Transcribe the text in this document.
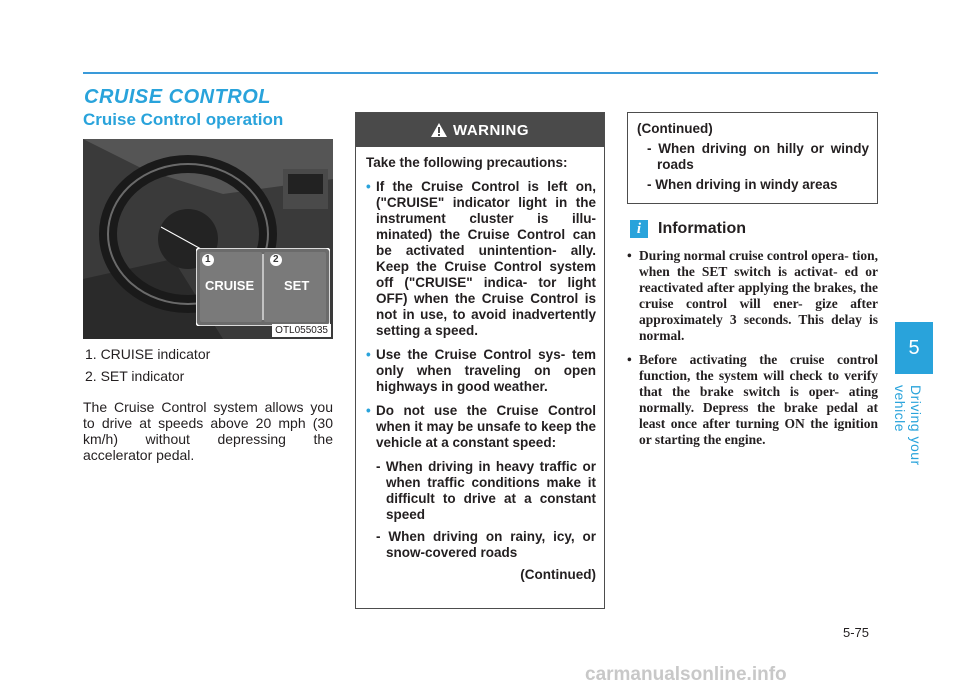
CRUISE CONTROL
Cruise Control operation
1	2
CRUISE SET
OTL055035

1. CRUISE indicator

2. SET indicator

The Cruise Control system allows you to drive at speeds above 20 mph (30 km/h) without depressing the accelerator pedal.

WARNING

Take the following precautions:

• If the Cruise Control is left on, ("CRUISE" indicator light in the instrument cluster is illu- minated) the Cruise Control can be activated unintention- ally. Keep the Cruise Control system off ("CRUISE" indica- tor light OFF) when the Cruise Control is not in use, to avoid inadvertently setting a speed.
• Use the Cruise Control sys- tem only when traveling on open highways in good weather.
• Do not use the Cruise Control when it may be unsafe to keep the vehicle at a constant speed:

- When driving in heavy traffic or when traffic conditions make it difficult to drive at a constant speed

- When driving on rainy, icy, or snow-covered roads

(Continued)

(Continued)

- When driving on hilly or windy roads

- When driving in windy areas

i	Information
• During normal cruise control opera- tion, when the SET switch is activat- ed or reactivated after applying the brakes, the cruise control will ener- gize after approximately 3 seconds. This delay is normal.
• Before activating the cruise control function, the system will check to verify that the brake switch is oper- ating normally. Depress the brake pedal at least once after turning ON the ignition or starting the engine.
5
Driving your vehicle
5-75
carmanualsonline.info
